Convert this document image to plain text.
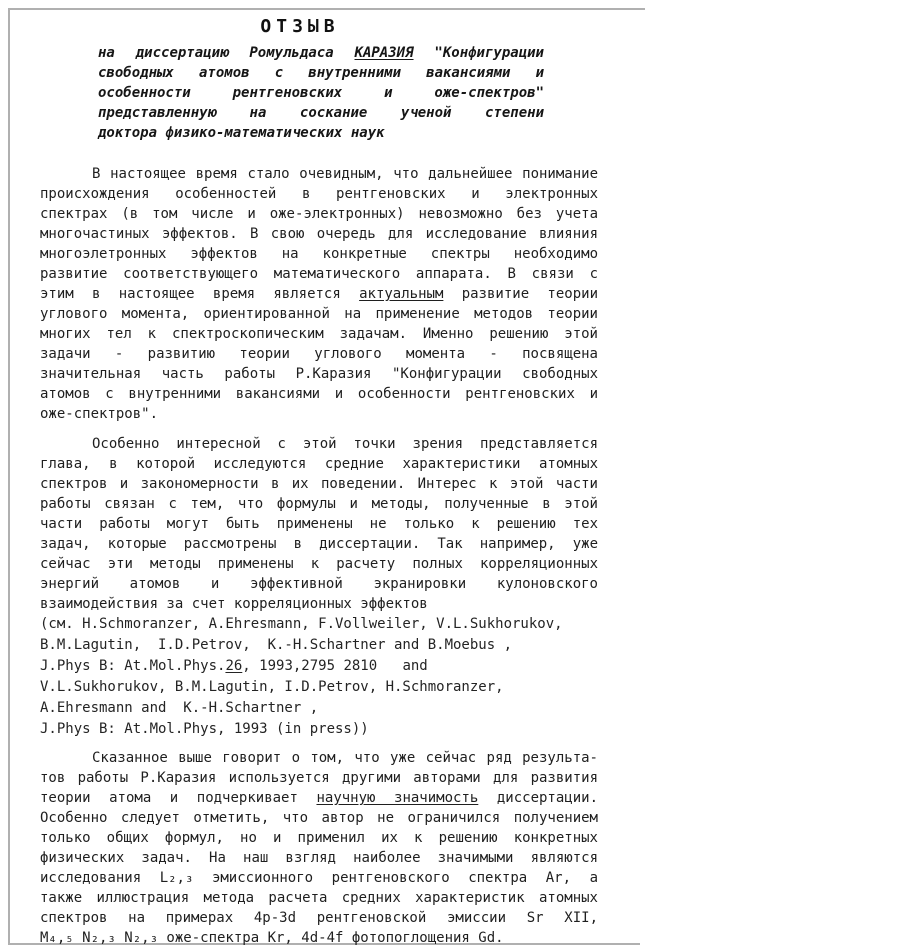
ОТЗЫВ
на диссертацию Ромульдаса КАРАЗИЯ "Конфигурации
свободных атомов с внутренними вакансиями и
особенности рентгеновских и оже-спектров"
представленную на соскание ученой степени
доктора физико-математических наук
В настоящее время стало очевидным, что дальнейшее понимание
происхождения особенностей в рентгеновских и электронных
спектрах (в том числе и оже-электронных) невозможно без учета
многочастиных эффектов. В свою очередь для исследование влияния
многоэлетронных эффектов на конкретные спектры необходимо
развитие соответствующего математического аппарата. В связи с
этим в настоящее время является актуальным развитие теории
углового момента, ориентированной на применение методов теории
многих тел к спектроскопическим задачам. Именно решению этой
задачи - развитию теории углового момента - посвящена
значительная часть работы Р.Каразия "Конфигурации свободных
атомов с внутренними вакансиями и особенности рентгеновских и
оже-спектров".
Особенно интересной с этой точки зрения представляется
глава, в которой исследуются средние характеристики атомных
спектров и закономерности в их поведении. Интерес к этой части
работы связан с тем, что формулы и методы, полученные в этой
части работы могут быть применены не только к решению тех
задач, которые рассмотрены в диссертации. Так например, уже
сейчас эти методы применены к расчету полных корреляционных
энергий атомов и эффективной экранировки кулоновского
взаимодействия за счет корреляционных эффектов
(см. H.Schmoranzer, A.Ehresmann, F.Vollweiler, V.L.Sukhorukov,
B.M.Lagutin,  I.D.Petrov,  K.-H.Schartner and B.Moebus ,
J.Phys B: At.Mol.Phys.26, 1993,2795 2810   and
V.L.Sukhorukov, B.M.Lagutin, I.D.Petrov, H.Schmoranzer,
A.Ehresmann and  K.-H.Schartner ,
J.Phys B: At.Mol.Phys, 1993 (in press))
Сказанное выше говорит о том, что уже сейчас ряд результа-
тов работы Р.Каразия используется другими авторами для развития
теории атома и подчеркивает научную значимость диссертации.
Особенно следует отметить, что автор не ограничился получением
только общих формул, но и применил их к решению конкретных
физических задач. На наш взгляд наиболее значимыми являются
исследования L₂,₃ эмиссионного рентгеновского спектра Ar, а
также иллюстрация метода расчета средних характеристик атомных
спектров на примерах 4p-3d рентгеновской эмиссии Sr XII,
M₄,₅ N₂,₃ N₂,₃ оже-спектра Kr, 4d-4f фотопоглощения Gd.
